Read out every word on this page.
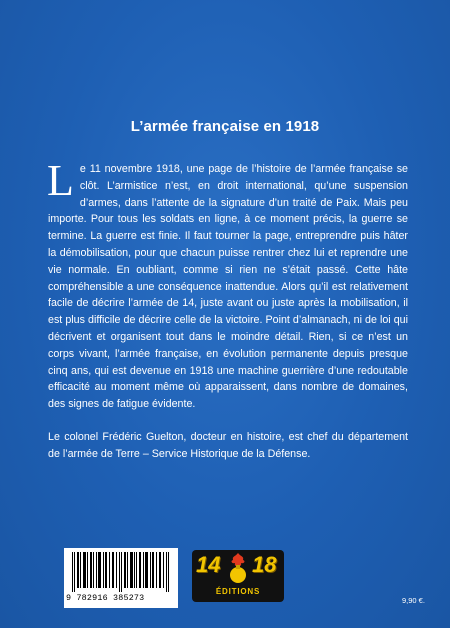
L’armée française en 1918

Le 11 novembre 1918, une page de l’histoire de l’armée française se clôt. L’armistice n’est, en droit international, qu’une suspension d’armes, dans l’attente de la signature d’un traité de Paix. Mais peu importe. Pour tous les soldats en ligne, à ce moment précis, la guerre se termine. La guerre est finie. Il faut tourner la page, entreprendre puis hâter la démobilisation, pour que chacun puisse rentrer chez lui et reprendre une vie normale. En oubliant, comme si rien ne s’était passé. Cette hâte compréhensible a une conséquence inattendue. Alors qu’il est relativement facile de décrire l’armée de 14, juste avant ou juste après la mobilisation, il est plus difficile de décrire celle de la victoire. Point d’almanach, ni de loi qui décrivent et organisent tout dans le moindre détail. Rien, si ce n’est un corps vivant, l’armée française, en évolution permanente depuis presque cinq ans, qui est devenue en 1918 une machine guerrière d’une redoutable efficacité au moment même où apparaissent, dans nombre de domaines, des signes de fatigue évidente.

Le colonel Frédéric Guelton, docteur en histoire, est chef du département de l’armée de Terre – Service Historique de la Défense.

9 782916 385273
14 18
ÉDITIONS
9,90 €.
